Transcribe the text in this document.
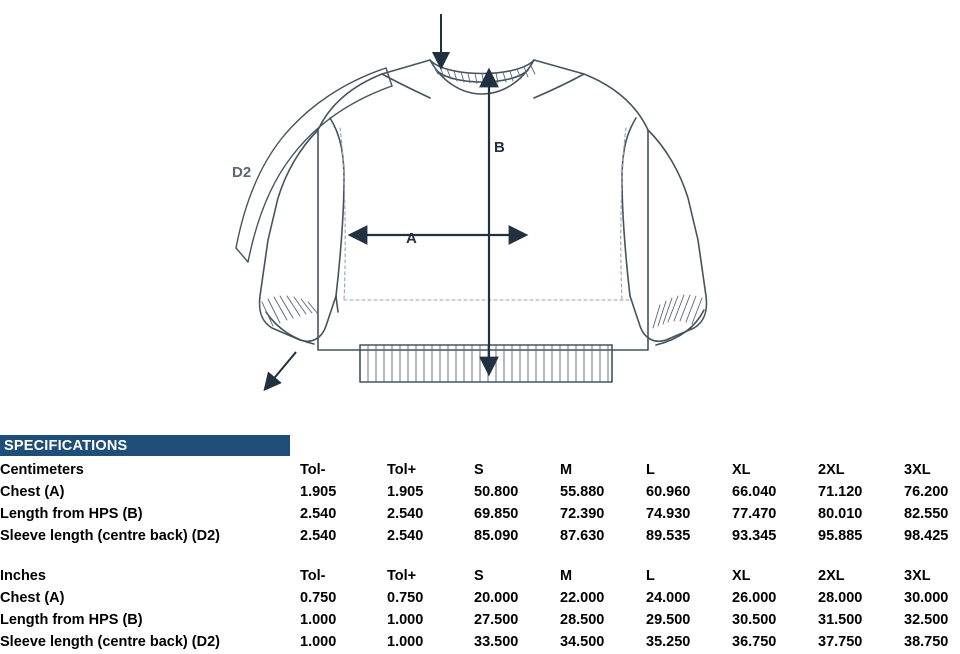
A
B
D2
SPECIFICATIONS
Centimeters	Tol-	Tol+	S	M	L	XL	2XL	3XL
Chest (A)	1.905	1.905	50.800	55.880	60.960	66.040	71.120	76.200
Length from HPS (B)	2.540	2.540	69.850	72.390	74.930	77.470	80.010	82.550
Sleeve length (centre back) (D2)	2.540	2.540	85.090	87.630	89.535	93.345	95.885	98.425
Inches	Tol-	Tol+	S	M	L	XL	2XL	3XL
Chest (A)	0.750	0.750	20.000	22.000	24.000	26.000	28.000	30.000
Length from HPS (B)	1.000	1.000	27.500	28.500	29.500	30.500	31.500	32.500
Sleeve length (centre back) (D2)	1.000	1.000	33.500	34.500	35.250	36.750	37.750	38.750
